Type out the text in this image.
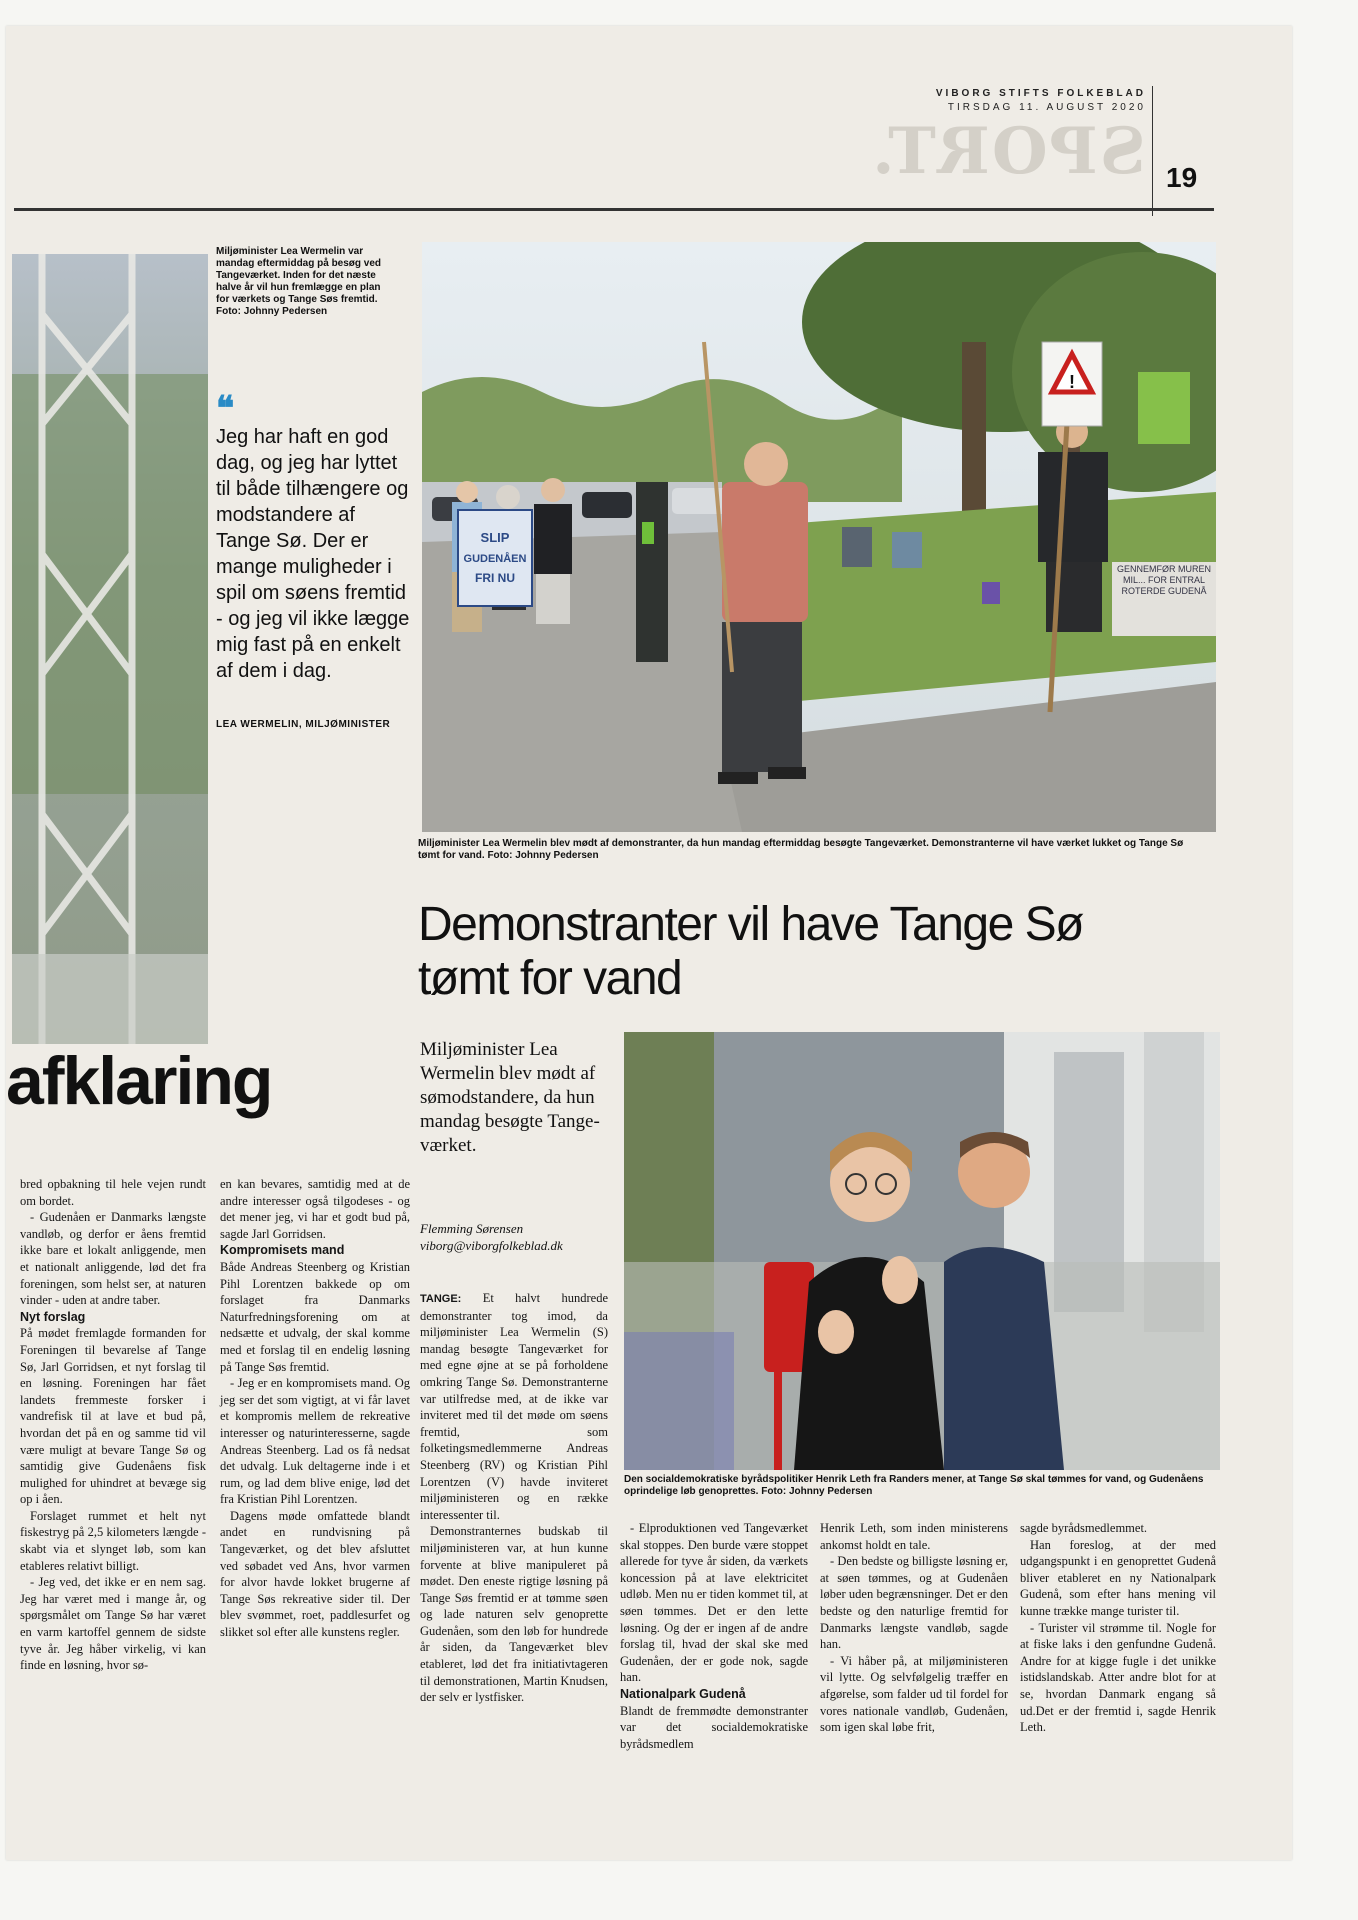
VIBORG STIFTS FOLKEBLAD
TIRSDAG 11. AUGUST 2020
SPORT. 19
Miljøminister Lea Wermelin var mandag eftermiddag på besøg ved Tangeværket. Inden for det næste halve år vil hun fremlægge en plan for værkets og Tange Søs fremtid. Foto: Johnny Pedersen
❝
Jeg har haft en god dag, og jeg har lyttet til både tilhængere og modstandere af Tange Sø. Der er mange muligheder i spil om søens fremtid - og jeg vil ikke lægge mig fast på en enkelt af dem i dag.
LEA WERMELIN, MILJØMINISTER
SLIP
GUDENÅEN
FRI NU
!
GENNEMFØR MUREN MIL... FOR ENTRAL ROTERDE GUDENÅ
Miljøminister Lea Wermelin blev mødt af demonstranter, da hun mandag eftermiddag besøgte Tangeværket. Demonstranterne vil have værket lukket og Tange Sø tømt for vand. Foto: Johnny Pedersen
Demonstranter vil have Tange Sø tømt for vand
afklaring	Miljøminister Lea Wermelin blev mødt af sømodstandere, da hun mandag besøgte Tange-værket.
Flemming Sørensen
viborg@viborgfolkeblad.dk
Den socialdemokratiske byrådspolitiker Henrik Leth fra Randers mener, at Tange Sø skal tømmes for vand, og Gudenåens oprindelige løb genoprettes. Foto: Johnny Pedersen

bred opbakning til hele vejen rundt om bordet.

- Gudenåen er Danmarks længste vandløb, og derfor er åens fremtid ikke bare et lokalt anliggende, men et nationalt anliggende, lød det fra foreningen, som helst ser, at naturen vinder - uden at andre taber.

Nyt forslag

På mødet fremlagde formanden for Foreningen til bevarelse af Tange Sø, Jarl Gorridsen, et nyt forslag til en løsning. Foreningen har fået landets fremmeste forsker i vandrefisk til at lave et bud på, hvordan det på en og samme tid vil være muligt at bevare Tange Sø og samtidig give Gudenåens fisk mulighed for uhindret at bevæge sig op i åen.

Forslaget rummet et helt nyt fiskestryg på 2,5 kilometers længde - skabt via et slynget løb, som kan etableres relativt billigt.

- Jeg ved, det ikke er en nem sag. Jeg har været med i mange år, og spørgsmålet om Tange Sø har været en varm kartoffel gennem de sidste tyve år. Jeg håber virkelig, vi kan finde en løsning, hvor sø-

en kan bevares, samtidig med at de andre interesser også tilgodeses - og det mener jeg, vi har et godt bud på, sagde Jarl Gorridsen.

Kompromisets mand

Både Andreas Steenberg og Kristian Pihl Lorentzen bakkede op om forslaget fra Danmarks Naturfredningsforening om at nedsætte et udvalg, der skal komme med et forslag til en endelig løsning på Tange Søs fremtid.

- Jeg er en kompromisets mand. Og jeg ser det som vigtigt, at vi får lavet et kompromis mellem de rekreative interesser og naturinteresserne, sagde Andreas Steenberg. Lad os få nedsat det udvalg. Luk deltagerne inde i et rum, og lad dem blive enige, lød det fra Kristian Pihl Lorentzen.

Dagens møde omfattede blandt andet en rundvisning på Tangeværket, og det blev afsluttet ved søbadet ved Ans, hvor varmen for alvor havde lokket brugerne af Tange Søs rekreative sider til. Der blev svømmet, roet, paddlesurfet og slikket sol efter alle kunstens regler.

TANGE: Et halvt hundrede demonstranter tog imod, da miljøminister Lea Wermelin (S) mandag besøgte Tangeværket for med egne øjne at se på forholdene omkring Tange Sø. Demonstranterne var utilfredse med, at de ikke var inviteret med til det møde om søens fremtid, som folketingsmedlemmerne Andreas Steenberg (RV) og Kristian Pihl Lorentzen (V) havde inviteret miljøministeren og en række interessenter til.

Demonstranternes budskab til miljøministeren var, at hun kunne forvente at blive manipuleret på mødet. Den eneste rigtige løsning på Tange Søs fremtid er at tømme søen og lade naturen selv genoprette Gudenåen, som den løb for hundrede år siden, da Tangeværket blev etableret, lød det fra initiativtageren til demonstrationen, Martin Knudsen, der selv er lystfisker.

- Elproduktionen ved Tangeværket skal stoppes. Den burde være stoppet allerede for tyve år siden, da værkets koncession på at lave elektricitet udløb. Men nu er tiden kommet til, at søen tømmes. Det er den lette løsning. Og der er ingen af de andre forslag til, hvad der skal ske med Gudenåen, der er gode nok, sagde han.

Nationalpark Gudenå

Blandt de fremmødte demonstranter var det socialdemokratiske byrådsmedlem

Henrik Leth, som inden ministerens ankomst holdt en tale.

- Den bedste og billigste løsning er, at søen tømmes, og at Gudenåen løber uden begrænsninger. Det er den bedste og den naturlige fremtid for Danmarks længste vandløb, sagde han.

- Vi håber på, at miljøministeren vil lytte. Og selvfølgelig træffer en afgørelse, som falder ud til fordel for vores nationale vandløb, Gudenåen, som igen skal løbe frit,

sagde byrådsmedlemmet.

Han foreslog, at der med udgangspunkt i en genoprettet Gudenå bliver etableret en ny Nationalpark Gudenå, som efter hans mening vil kunne trække mange turister til.

- Turister vil strømme til. Nogle for at fiske laks i den genfundne Gudenå. Andre for at kigge fugle i det unikke istidslandskab. Atter andre blot for at se, hvordan Danmark engang så ud.Det er der fremtid i, sagde Henrik Leth.
